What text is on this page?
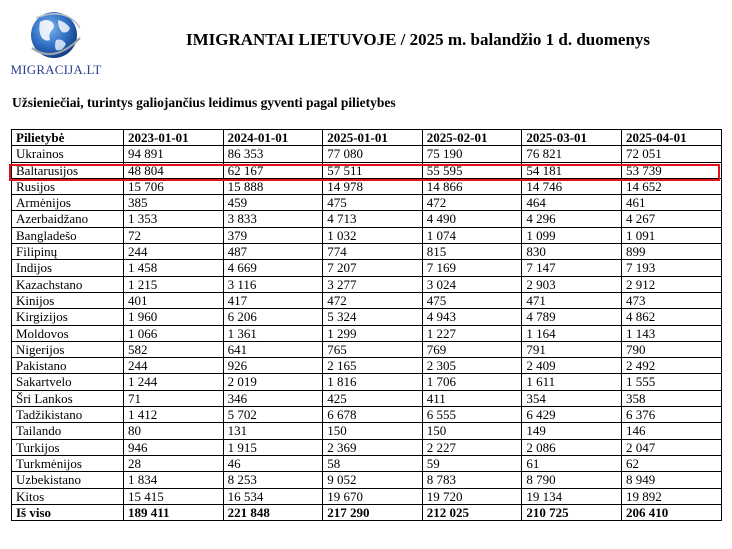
MIGRACIJA.LT
IMIGRANTAI LIETUVOJE / 2025 m. balandžio 1 d. duomenys
Užsieniečiai, turintys galiojančius leidimus gyventi pagal pilietybes
Pilietybė	2023-01-01	2024-01-01	2025-01-01	2025-02-01	2025-03-01	2025-04-01
Ukrainos	94 891	86 353	77 080	75 190	76 821	72 051
Baltarusijos	48 804	62 167	57 511	55 595	54 181	53 739
Rusijos	15 706	15 888	14 978	14 866	14 746	14 652
Armėnijos	385	459	475	472	464	461
Azerbaidžano	1 353	3 833	4 713	4 490	4 296	4 267
Bangladešo	72	379	1 032	1 074	1 099	1 091
Filipinų	244	487	774	815	830	899
Indijos	1 458	4 669	7 207	7 169	7 147	7 193
Kazachstano	1 215	3 116	3 277	3 024	2 903	2 912
Kinijos	401	417	472	475	471	473
Kirgizijos	1 960	6 206	5 324	4 943	4 789	4 862
Moldovos	1 066	1 361	1 299	1 227	1 164	1 143
Nigerijos	582	641	765	769	791	790
Pakistano	244	926	2 165	2 305	2 409	2 492
Sakartvelo	1 244	2 019	1 816	1 706	1 611	1 555
Šri Lankos	71	346	425	411	354	358
Tadžikistano	1 412	5 702	6 678	6 555	6 429	6 376
Tailando	80	131	150	150	149	146
Turkijos	946	1 915	2 369	2 227	2 086	2 047
Turkmėnijos	28	46	58	59	61	62
Uzbekistano	1 834	8 253	9 052	8 783	8 790	8 949
Kitos	15 415	16 534	19 670	19 720	19 134	19 892
Iš viso	189 411	221 848	217 290	212 025	210 725	206 410
